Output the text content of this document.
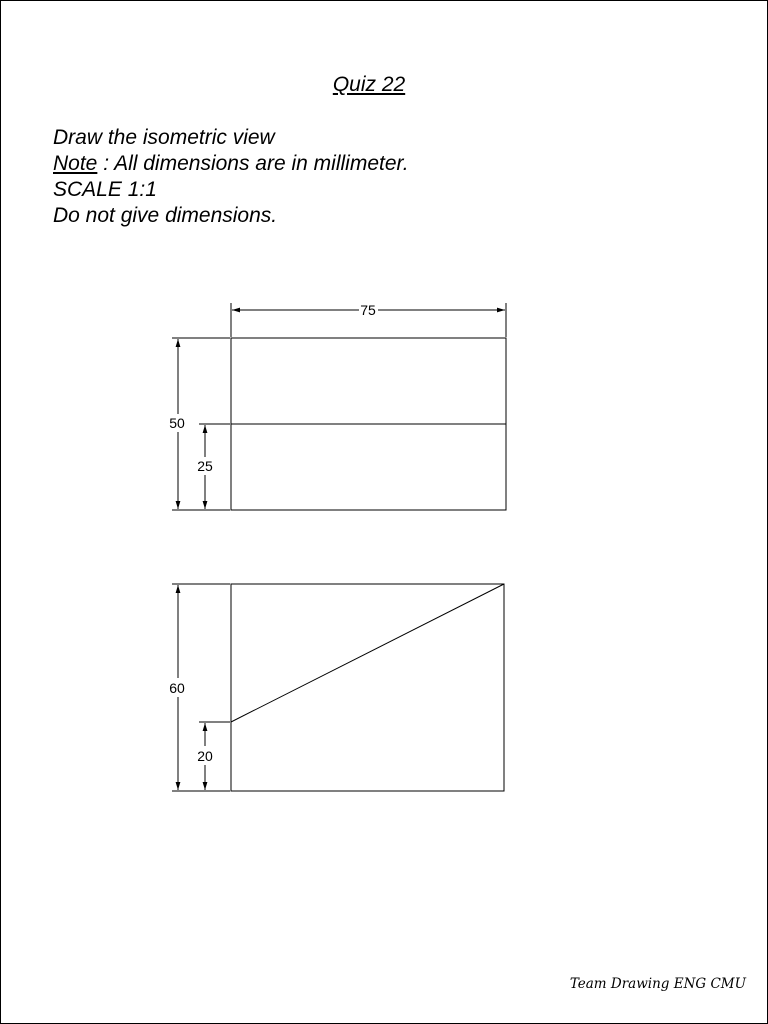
Quiz 22
Draw the isometric view
Note : All dimensions are in millimeter.
SCALE 1:1
Do not give dimensions.
75
50
25
60
20
Team Drawing ENG CMU
